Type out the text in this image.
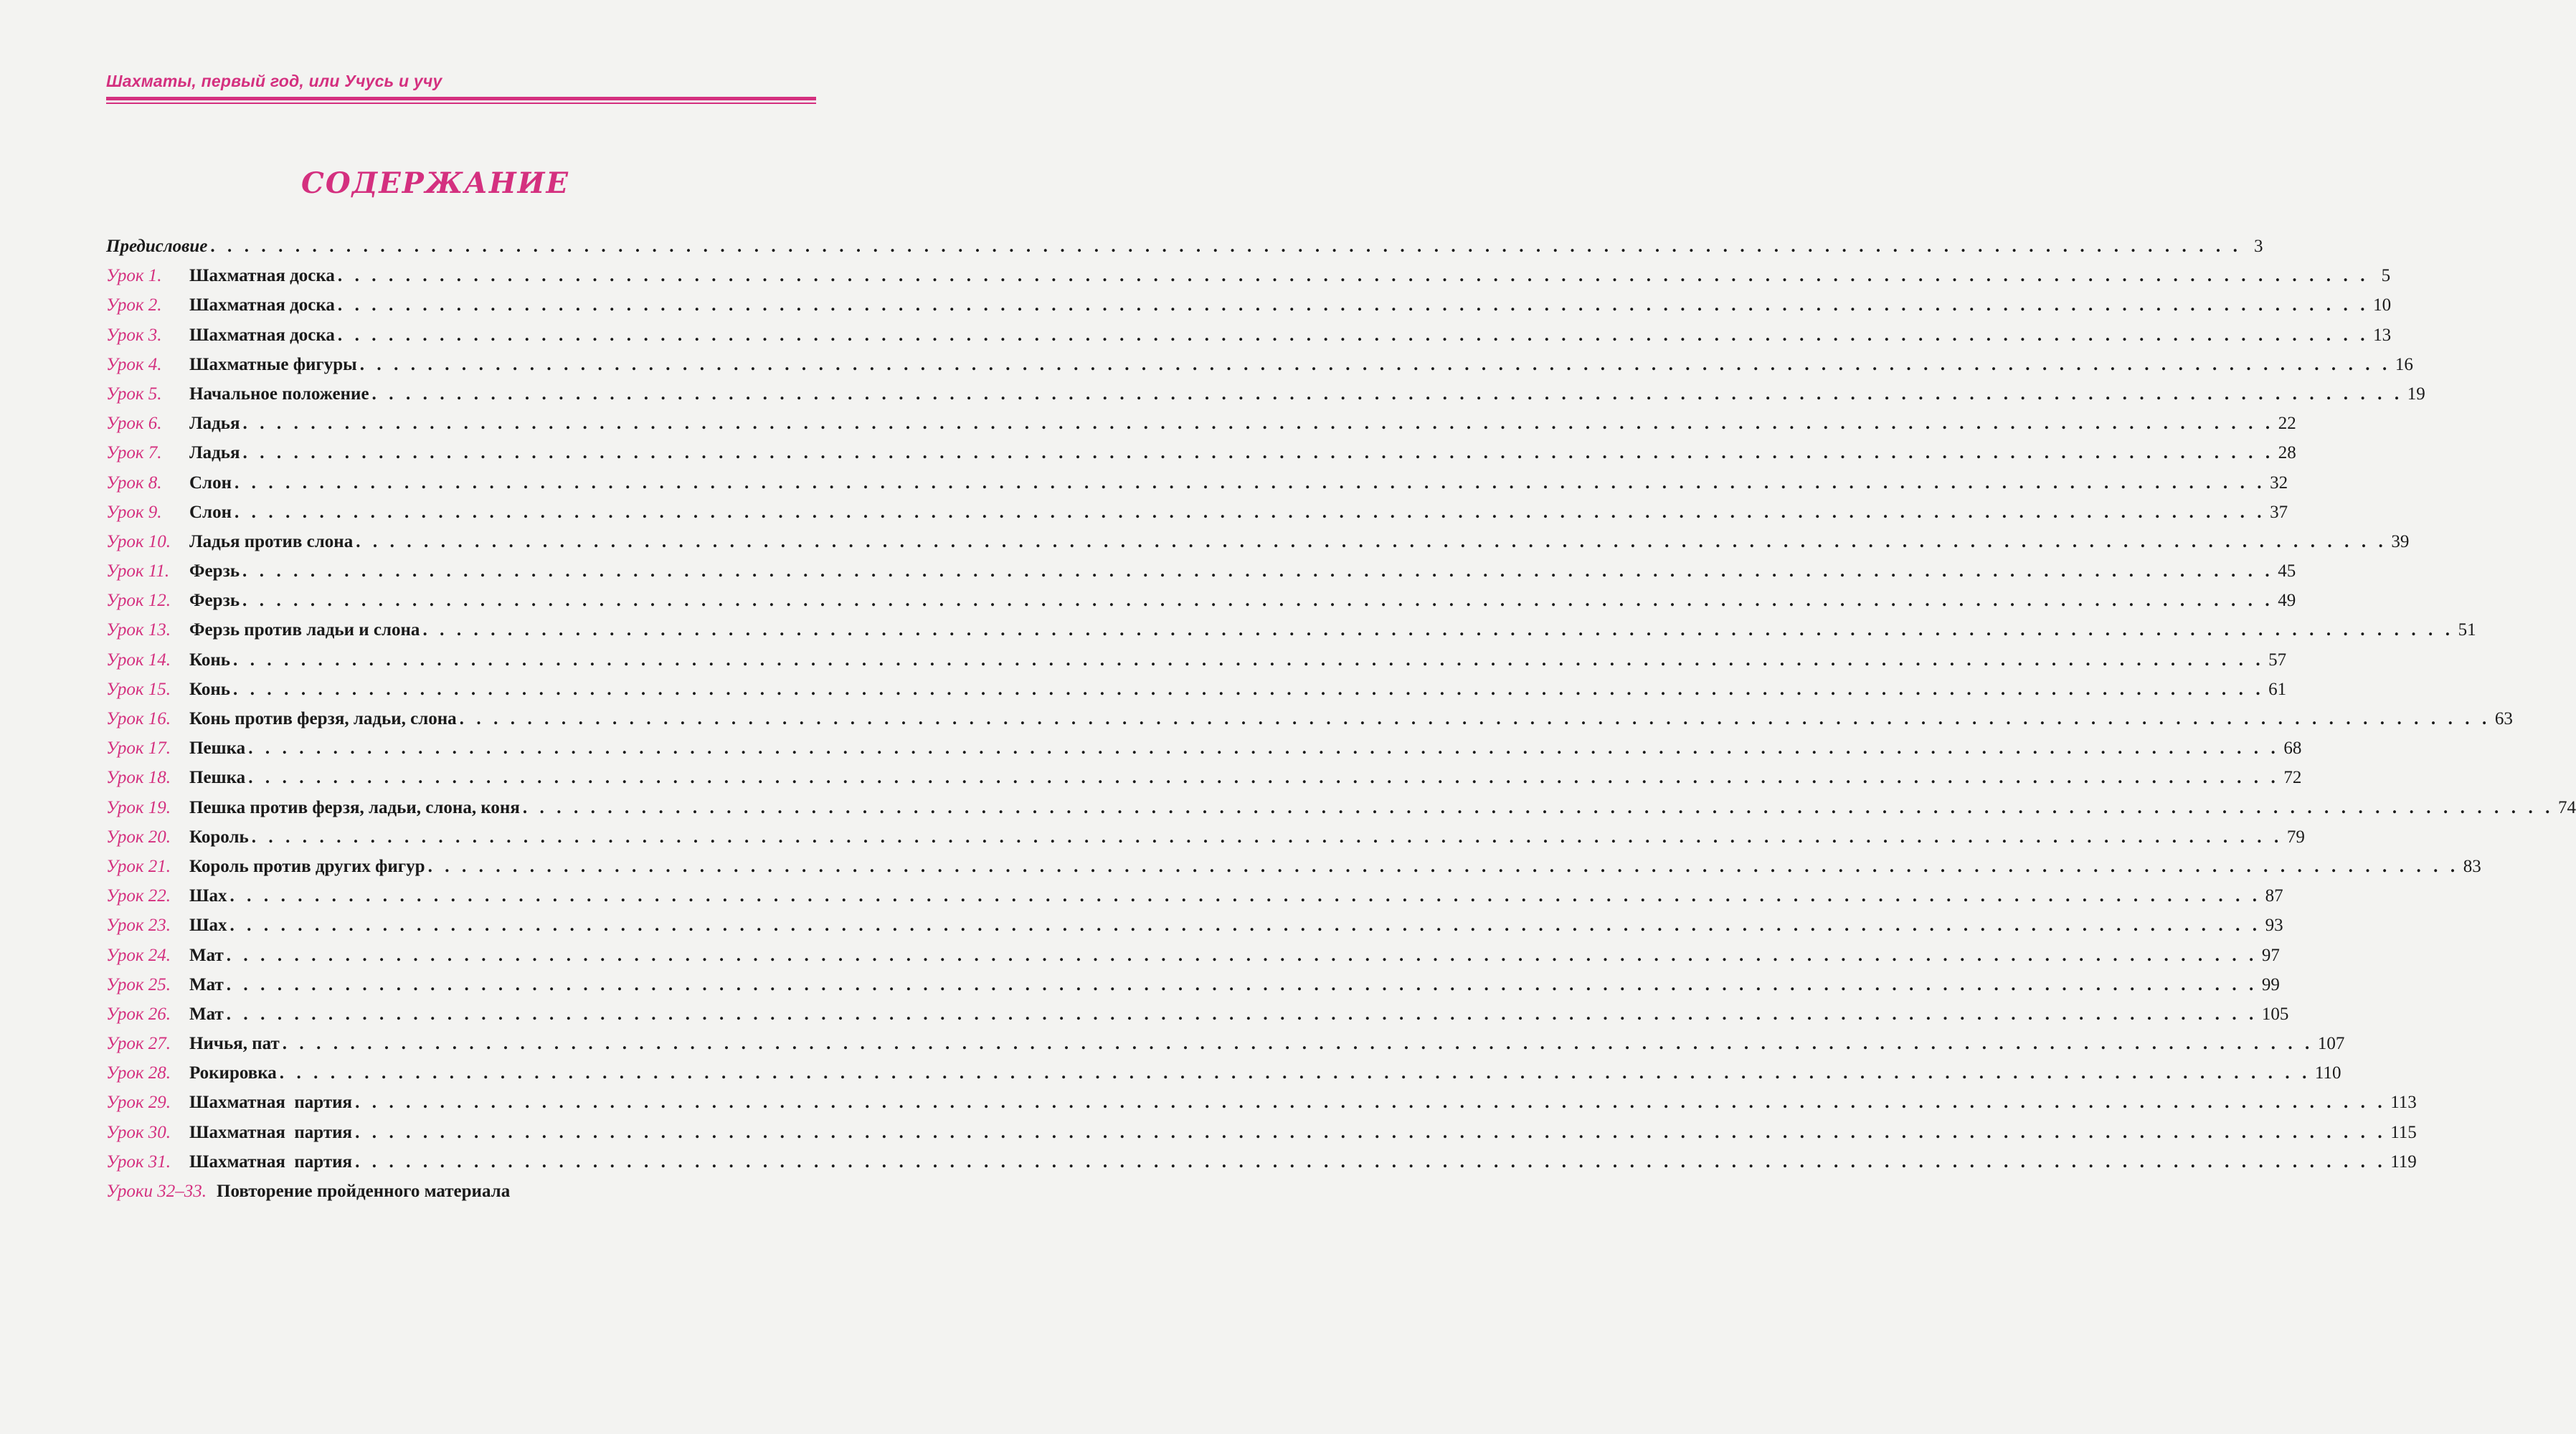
Шахматы, первый год, или Учусь и учу
СОДЕРЖАНИЕ
Предисловие . . . . . . . . . . . . . . . . . . . . . . . . . . . . . . . . . . . . . . . . . . . . . . . . . . . . . . . . . . . . . . . . . . . . . . . . . . . . . . . . . . . . . . . . . . . . . . . . . . . . . . . . . . . . . . . . . . . . . . . . 3
Урок 1.	Шахматная доска . . . . . . . . . . . . . . . . . . . . . . . . . . . . . . . . . . . . . . . . . . . . . . . . . . . . . . . . . . . . . . . . . . . . . . . . . . . . . . . . . . . . . . . . . . . . . . . . . . . . . . . . . . . . . . . . . . . . . . . . 5
Урок 2.	Шахматная доска . . . . . . . . . . . . . . . . . . . . . . . . . . . . . . . . . . . . . . . . . . . . . . . . . . . . . . . . . . . . . . . . . . . . . . . . . . . . . . . . . . . . . . . . . . . . . . . . . . . . . . . . . . . . . . . . . . . . . . . . 10
Урок 3.	Шахматная доска . . . . . . . . . . . . . . . . . . . . . . . . . . . . . . . . . . . . . . . . . . . . . . . . . . . . . . . . . . . . . . . . . . . . . . . . . . . . . . . . . . . . . . . . . . . . . . . . . . . . . . . . . . . . . . . . . . . . . . . . 13
Урок 4.	Шахматные фигуры . . . . . . . . . . . . . . . . . . . . . . . . . . . . . . . . . . . . . . . . . . . . . . . . . . . . . . . . . . . . . . . . . . . . . . . . . . . . . . . . . . . . . . . . . . . . . . . . . . . . . . . . . . . . . . . . . . . . . . . . 16
Урок 5.	Начальное положение . . . . . . . . . . . . . . . . . . . . . . . . . . . . . . . . . . . . . . . . . . . . . . . . . . . . . . . . . . . . . . . . . . . . . . . . . . . . . . . . . . . . . . . . . . . . . . . . . . . . . . . . . . . . . . . . . . . . . . . . 19
Урок 6.	Ладья . . . . . . . . . . . . . . . . . . . . . . . . . . . . . . . . . . . . . . . . . . . . . . . . . . . . . . . . . . . . . . . . . . . . . . . . . . . . . . . . . . . . . . . . . . . . . . . . . . . . . . . . . . . . . . . . . . . . . . . . 22
Урок 7.	Ладья . . . . . . . . . . . . . . . . . . . . . . . . . . . . . . . . . . . . . . . . . . . . . . . . . . . . . . . . . . . . . . . . . . . . . . . . . . . . . . . . . . . . . . . . . . . . . . . . . . . . . . . . . . . . . . . . . . . . . . . . 28
Урок 8.	Слон . . . . . . . . . . . . . . . . . . . . . . . . . . . . . . . . . . . . . . . . . . . . . . . . . . . . . . . . . . . . . . . . . . . . . . . . . . . . . . . . . . . . . . . . . . . . . . . . . . . . . . . . . . . . . . . . . . . . . . . . 32
Урок 9.	Слон . . . . . . . . . . . . . . . . . . . . . . . . . . . . . . . . . . . . . . . . . . . . . . . . . . . . . . . . . . . . . . . . . . . . . . . . . . . . . . . . . . . . . . . . . . . . . . . . . . . . . . . . . . . . . . . . . . . . . . . . 37
Урок 10.	Ладья против слона . . . . . . . . . . . . . . . . . . . . . . . . . . . . . . . . . . . . . . . . . . . . . . . . . . . . . . . . . . . . . . . . . . . . . . . . . . . . . . . . . . . . . . . . . . . . . . . . . . . . . . . . . . . . . . . . . . . . . . . . 39
Урок 11.	Ферзь . . . . . . . . . . . . . . . . . . . . . . . . . . . . . . . . . . . . . . . . . . . . . . . . . . . . . . . . . . . . . . . . . . . . . . . . . . . . . . . . . . . . . . . . . . . . . . . . . . . . . . . . . . . . . . . . . . . . . . . . 45
Урок 12.	Ферзь . . . . . . . . . . . . . . . . . . . . . . . . . . . . . . . . . . . . . . . . . . . . . . . . . . . . . . . . . . . . . . . . . . . . . . . . . . . . . . . . . . . . . . . . . . . . . . . . . . . . . . . . . . . . . . . . . . . . . . . . 49
Урок 13.	Ферзь против ладьи и слона . . . . . . . . . . . . . . . . . . . . . . . . . . . . . . . . . . . . . . . . . . . . . . . . . . . . . . . . . . . . . . . . . . . . . . . . . . . . . . . . . . . . . . . . . . . . . . . . . . . . . . . . . . . . . . . . . . . . . . . . 51
Урок 14.	Конь . . . . . . . . . . . . . . . . . . . . . . . . . . . . . . . . . . . . . . . . . . . . . . . . . . . . . . . . . . . . . . . . . . . . . . . . . . . . . . . . . . . . . . . . . . . . . . . . . . . . . . . . . . . . . . . . . . . . . . . . 57
Урок 15.	Конь . . . . . . . . . . . . . . . . . . . . . . . . . . . . . . . . . . . . . . . . . . . . . . . . . . . . . . . . . . . . . . . . . . . . . . . . . . . . . . . . . . . . . . . . . . . . . . . . . . . . . . . . . . . . . . . . . . . . . . . . 61
Урок 16.	Конь против ферзя, ладьи, слона . . . . . . . . . . . . . . . . . . . . . . . . . . . . . . . . . . . . . . . . . . . . . . . . . . . . . . . . . . . . . . . . . . . . . . . . . . . . . . . . . . . . . . . . . . . . . . . . . . . . . . . . . . . . . . . . . . . . . . . . 63
Урок 17.	Пешка . . . . . . . . . . . . . . . . . . . . . . . . . . . . . . . . . . . . . . . . . . . . . . . . . . . . . . . . . . . . . . . . . . . . . . . . . . . . . . . . . . . . . . . . . . . . . . . . . . . . . . . . . . . . . . . . . . . . . . . . 68
Урок 18.	Пешка . . . . . . . . . . . . . . . . . . . . . . . . . . . . . . . . . . . . . . . . . . . . . . . . . . . . . . . . . . . . . . . . . . . . . . . . . . . . . . . . . . . . . . . . . . . . . . . . . . . . . . . . . . . . . . . . . . . . . . . . 72
Урок 19.	Пешка против ферзя, ладьи, слона, коня . . . . . . . . . . . . . . . . . . . . . . . . . . . . . . . . . . . . . . . . . . . . . . . . . . . . . . . . . . . . . . . . . . . . . . . . . . . . . . . . . . . . . . . . . . . . . . . . . . . . . . . . . . . . . . . . . . . . . . . . 74
Урок 20.	Король . . . . . . . . . . . . . . . . . . . . . . . . . . . . . . . . . . . . . . . . . . . . . . . . . . . . . . . . . . . . . . . . . . . . . . . . . . . . . . . . . . . . . . . . . . . . . . . . . . . . . . . . . . . . . . . . . . . . . . . . 79
Урок 21.	Король против других фигур . . . . . . . . . . . . . . . . . . . . . . . . . . . . . . . . . . . . . . . . . . . . . . . . . . . . . . . . . . . . . . . . . . . . . . . . . . . . . . . . . . . . . . . . . . . . . . . . . . . . . . . . . . . . . . . . . . . . . . . . 83
Урок 22.	Шах . . . . . . . . . . . . . . . . . . . . . . . . . . . . . . . . . . . . . . . . . . . . . . . . . . . . . . . . . . . . . . . . . . . . . . . . . . . . . . . . . . . . . . . . . . . . . . . . . . . . . . . . . . . . . . . . . . . . . . . . 87
Урок 23.	Шах . . . . . . . . . . . . . . . . . . . . . . . . . . . . . . . . . . . . . . . . . . . . . . . . . . . . . . . . . . . . . . . . . . . . . . . . . . . . . . . . . . . . . . . . . . . . . . . . . . . . . . . . . . . . . . . . . . . . . . . . 93
Урок 24.	Мат . . . . . . . . . . . . . . . . . . . . . . . . . . . . . . . . . . . . . . . . . . . . . . . . . . . . . . . . . . . . . . . . . . . . . . . . . . . . . . . . . . . . . . . . . . . . . . . . . . . . . . . . . . . . . . . . . . . . . . . . 97
Урок 25.	Мат . . . . . . . . . . . . . . . . . . . . . . . . . . . . . . . . . . . . . . . . . . . . . . . . . . . . . . . . . . . . . . . . . . . . . . . . . . . . . . . . . . . . . . . . . . . . . . . . . . . . . . . . . . . . . . . . . . . . . . . . 99
Урок 26.	Мат . . . . . . . . . . . . . . . . . . . . . . . . . . . . . . . . . . . . . . . . . . . . . . . . . . . . . . . . . . . . . . . . . . . . . . . . . . . . . . . . . . . . . . . . . . . . . . . . . . . . . . . . . . . . . . . . . . . . . . . . 105
Урок 27.	Ничья, пат . . . . . . . . . . . . . . . . . . . . . . . . . . . . . . . . . . . . . . . . . . . . . . . . . . . . . . . . . . . . . . . . . . . . . . . . . . . . . . . . . . . . . . . . . . . . . . . . . . . . . . . . . . . . . . . . . . . . . . . . 107
Урок 28.	Рокировка . . . . . . . . . . . . . . . . . . . . . . . . . . . . . . . . . . . . . . . . . . . . . . . . . . . . . . . . . . . . . . . . . . . . . . . . . . . . . . . . . . . . . . . . . . . . . . . . . . . . . . . . . . . . . . . . . . . . . . . . 110
Урок 29.	Шахматная  партия . . . . . . . . . . . . . . . . . . . . . . . . . . . . . . . . . . . . . . . . . . . . . . . . . . . . . . . . . . . . . . . . . . . . . . . . . . . . . . . . . . . . . . . . . . . . . . . . . . . . . . . . . . . . . . . . . . . . . . . . 113
Урок 30.	Шахматная  партия . . . . . . . . . . . . . . . . . . . . . . . . . . . . . . . . . . . . . . . . . . . . . . . . . . . . . . . . . . . . . . . . . . . . . . . . . . . . . . . . . . . . . . . . . . . . . . . . . . . . . . . . . . . . . . . . . . . . . . . . 115
Урок 31.	Шахматная  партия . . . . . . . . . . . . . . . . . . . . . . . . . . . . . . . . . . . . . . . . . . . . . . . . . . . . . . . . . . . . . . . . . . . . . . . . . . . . . . . . . . . . . . . . . . . . . . . . . . . . . . . . . . . . . . . . . . . . . . . . 119
Уроки 32–33. Повторение пройденного материала
